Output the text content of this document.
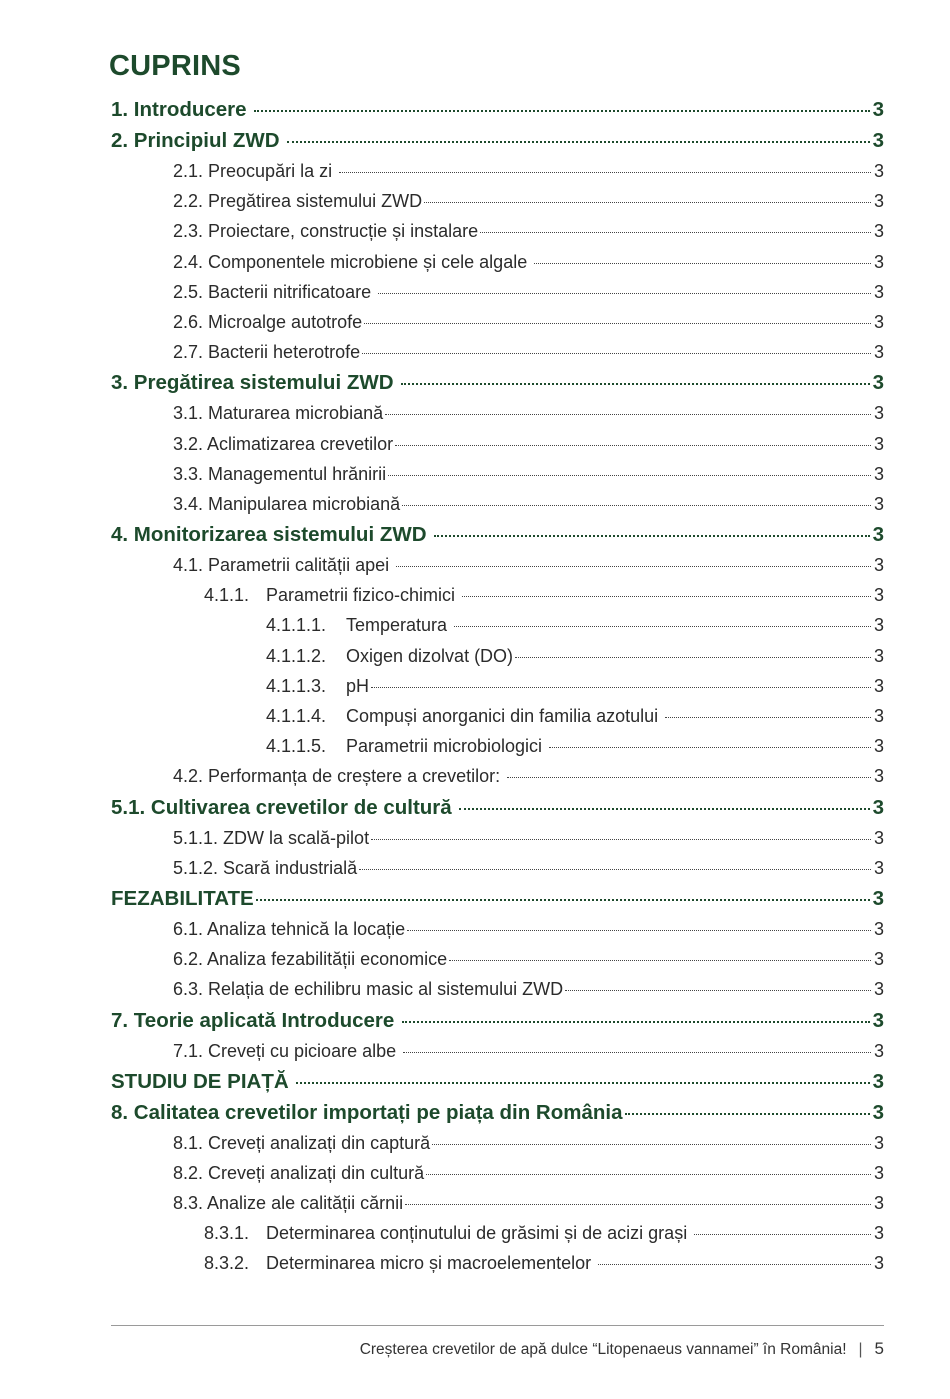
CUPRINS
1. Introducere	3
2. Principiul ZWD	3
2.1. Preocupări la zi	3
2.2. Pregătirea sistemului ZWD	3
2.3. Proiectare, construcție și instalare	3
2.4. Componentele microbiene și cele algale	3
2.5. Bacterii nitrificatoare	3
2.6. Microalge autotrofe	3
2.7. Bacterii heterotrofe	3
3. Pregătirea sistemului ZWD	3
3.1. Maturarea microbiană	3
3.2. Aclimatizarea crevetilor	3
3.3. Managementul hrănirii	3
3.4. Manipularea microbiană	3
4. Monitorizarea sistemului ZWD	3
4.1. Parametrii calității apei	3
4.1.1. Parametrii fizico-chimici	3
4.1.1.1.	Temperatura	3
4.1.1.2.	Oxigen dizolvat (DO)	3
4.1.1.3.	pH	3
4.1.1.4.	Compuși anorganici din familia azotului	3
4.1.1.5.	Parametrii microbiologici	3
4.2. Performanța de creștere a crevetilor:	3
5.1. Cultivarea crevetilor de cultură	3
5.1.1. ZDW la scală-pilot	3
5.1.2. Scară industrială	3
FEZABILITATE	3
6.1. Analiza tehnică la locație	3
6.2. Analiza fezabilității economice	3
6.3. Relația de echilibru masic al sistemului ZWD	3
7. Teorie aplicată Introducere	3
7.1. Creveți cu picioare albe	3
STUDIU DE PIAȚĂ	3
8. Calitatea crevetilor importați pe piața din România	3
8.1. Creveți analizați din captură	3
8.2. Creveți analizați din cultură	3
8.3. Analize ale calității cărnii	3
8.3.1. Determinarea conținutului de grăsimi și de acizi grași	3
8.3.2. Determinarea micro și macroelementelor	3
Creșterea crevetilor de apă dulce “Litopenaeus vannamei” în România! | 5
